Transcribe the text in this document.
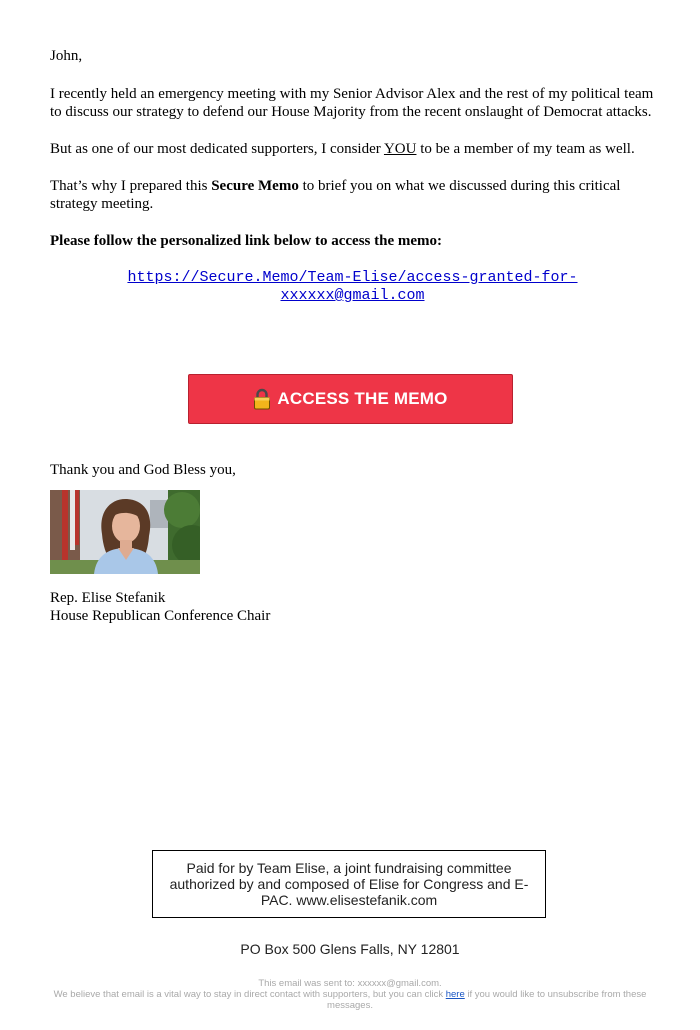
John,

I recently held an emergency meeting with my Senior Advisor Alex and the rest of my political team to discuss our strategy to defend our House Majority from the recent onslaught of Democrat attacks.

But as one of our most dedicated supporters, I consider YOU to be a member of my team as well.

That’s why I prepared this Secure Memo to brief you on what we discussed during this critical strategy meeting.

Please follow the personalized link below to access the memo:

https://Secure.Memo/Team-Elise/access-granted-for-xxxxxx@gmail.com
ACCESS THE MEMO
Thank you and God Bless you,
Rep. Elise Stefanik
House Republican Conference Chair
Paid for by Team Elise, a joint fundraising committee authorized by and composed of Elise for Congress and E-PAC. www.elisestefanik.com
PO Box 500 Glens Falls, NY 12801
This email was sent to: xxxxxx@gmail.com.
We believe that email is a vital way to stay in direct contact with supporters, but you can click here if you would like to unsubscribe from these messages.
